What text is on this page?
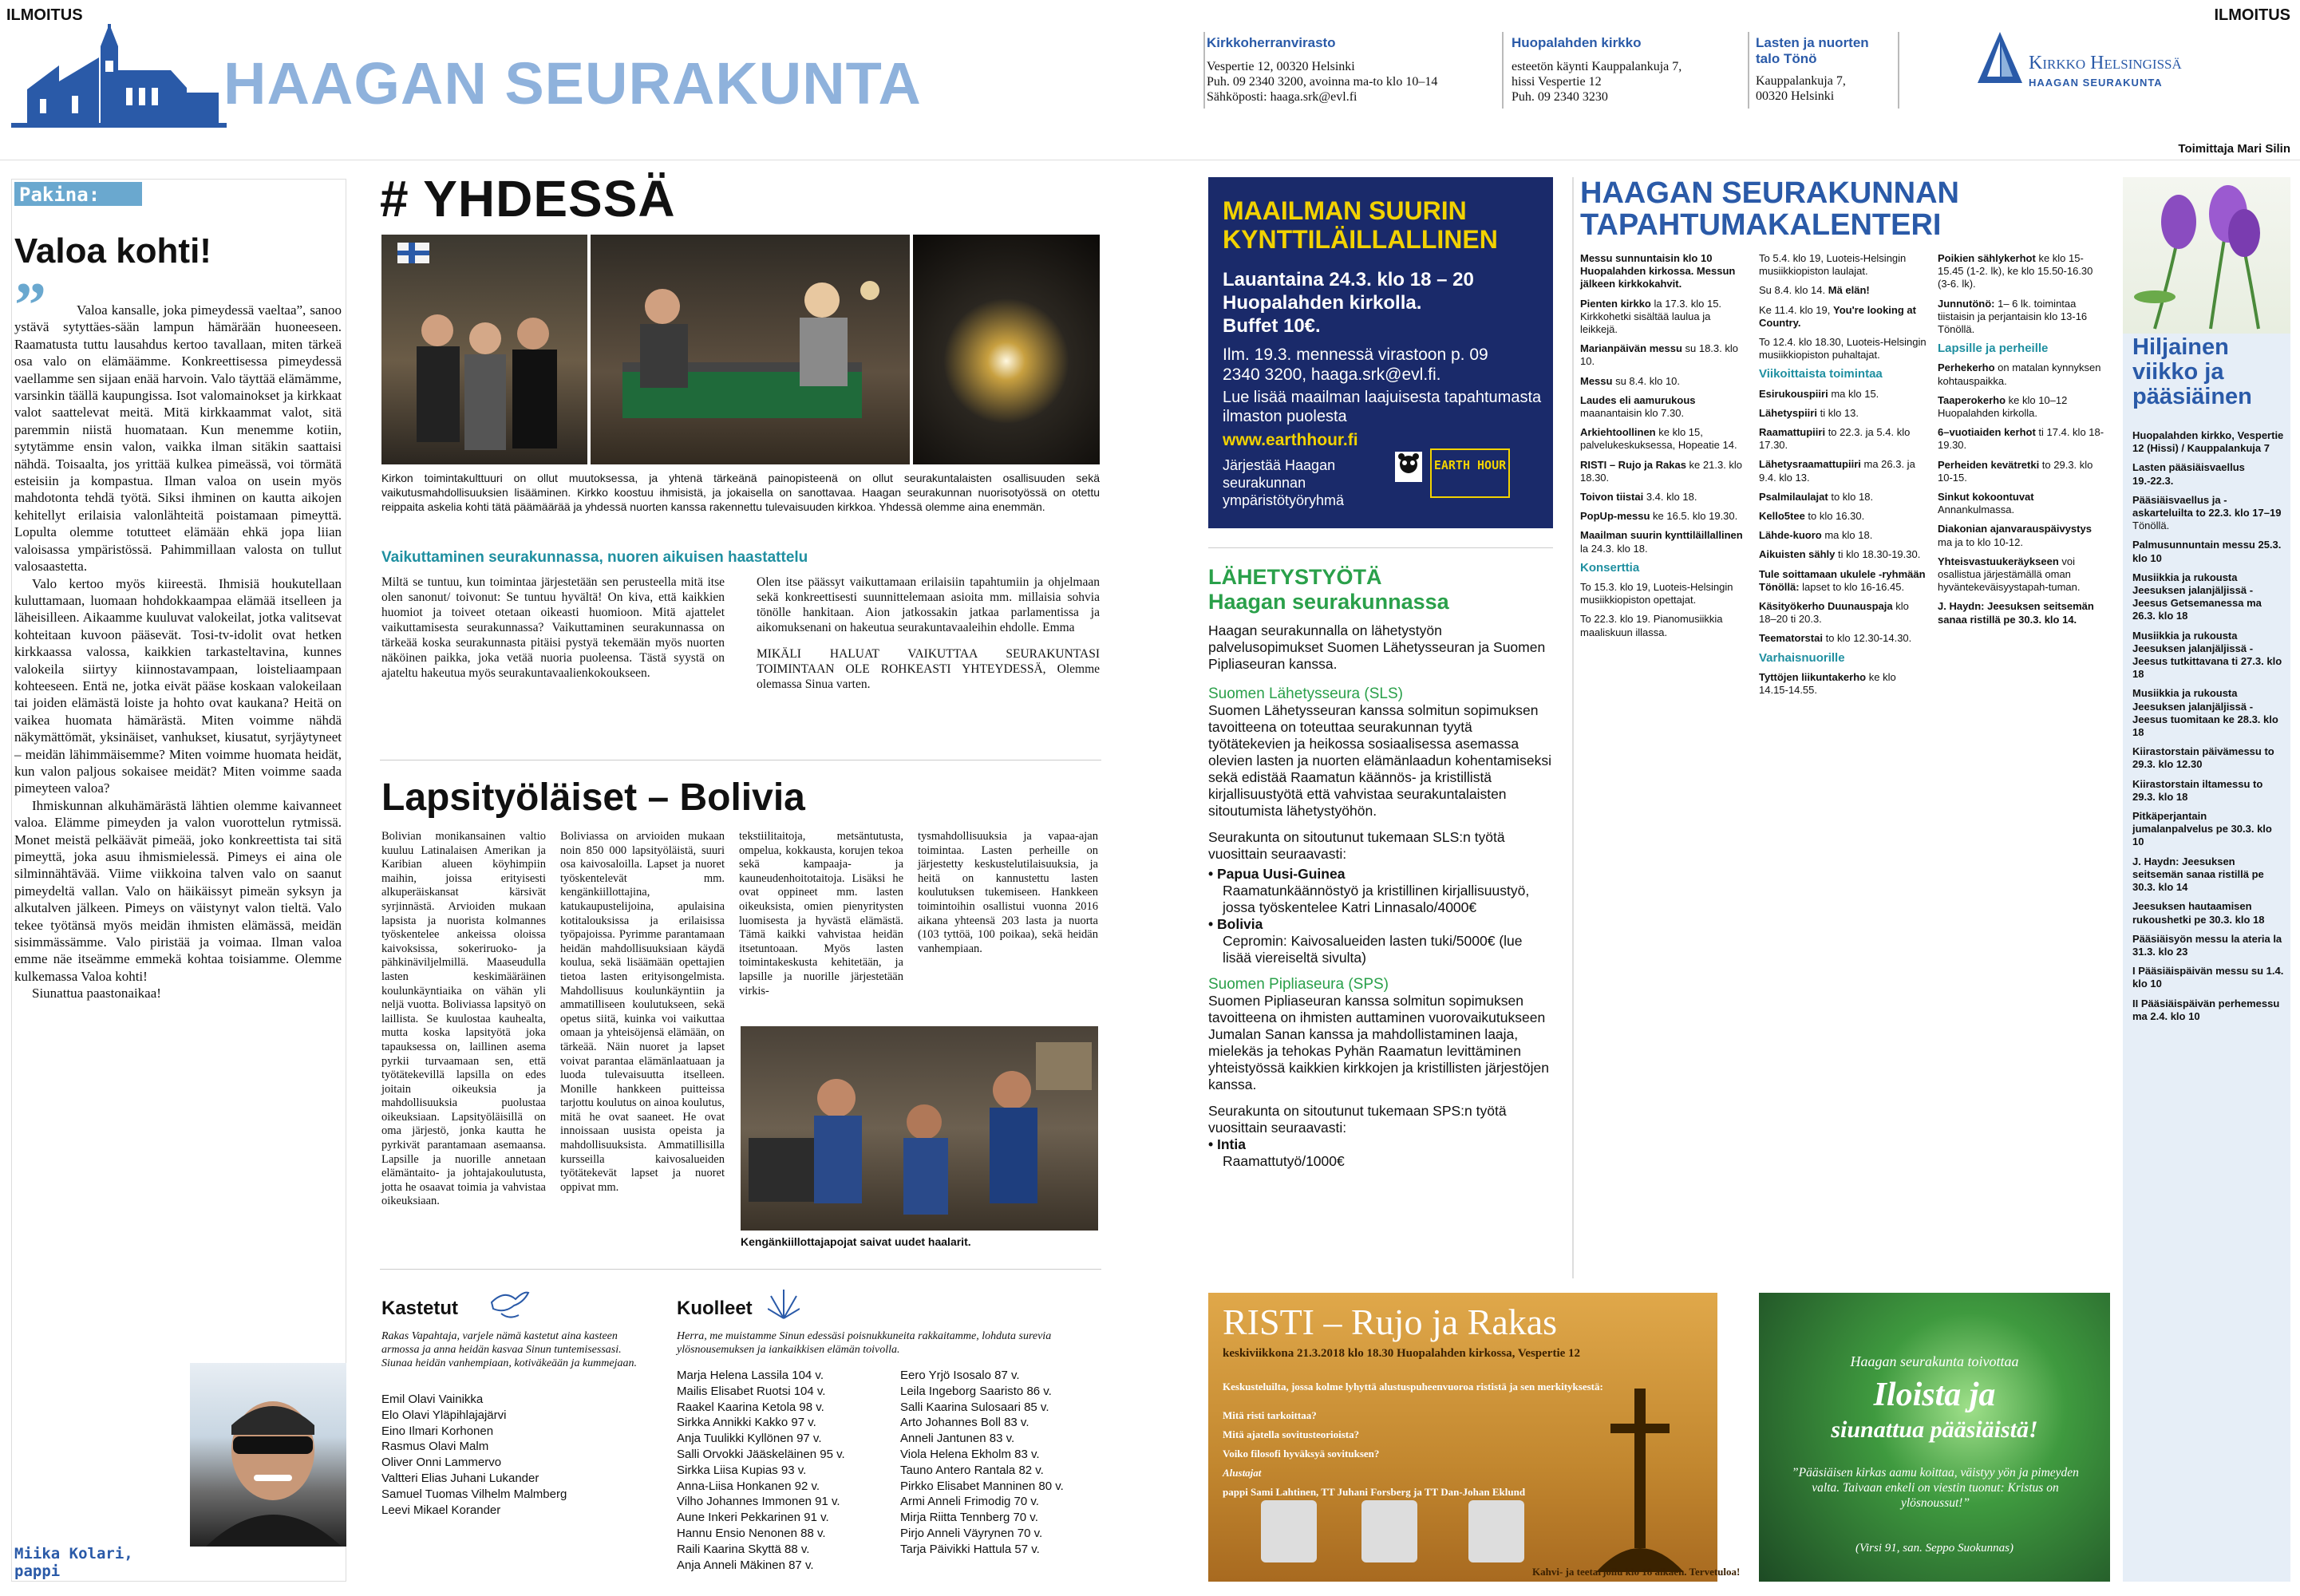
ILMOITUS	ILMOITUS
HAAGAN SEURAKUNTA
Kirkkoherranvirasto
Vespertie 12, 00320 Helsinki
Puh. 09 2340 3200, avoinna ma-to klo 10–14
Sähköposti: haaga.srk@evl.fi
Huopalahden kirkko
esteetön käynti Kauppalankuja 7,
hissi Vespertie 12
Puh. 09 2340 3230
Lasten ja nuorten talo Tönö
Kauppalankuja 7,
00320 Helsinki
Kirkko Helsingissä
HAAGAN SEURAKUNTA
Toimittaja Mari Silin
Pakina:
Valoa kohti!
”	Valoa kansalle, joka pimeydessä vaeltaa”, sanoo ystävä sytyttäes-sään lampun hämärään huoneeseen. Raamatusta tuttu lausahdus kertoo tavallaan, miten tärkeä osa valo on elämäämme. Konkreettisessa pimeydessä vaellamme sen sijaan enää harvoin. Valo täyttää elämämme, varsinkin täällä kaupungissa. Isot valomainokset ja kirkkaat valot saattelevat meitä. Mitä kirkkaammat valot, sitä paremmin niistä huomataan. Kun menemme kotiin, sytytämme ensin valon, vaikka ilman sitäkin saattaisi nähdä. Toisaalta, jos yrittää kulkea pimeässä, voi törmätä esteisiin ja kompastua. Ilman valoa on usein myös mahdotonta tehdä työtä. Siksi ihminen on kautta aikojen kehitellyt erilaisia valonlähteitä poistamaan pimeyttä. Lopulta olemme totutteet elämään ehkä jopa liian valoisassa ympäristössä. Pahimmillaan valosta on tullut valosaastetta.

Valo kertoo myös kiireestä. Ihmisiä houkutellaan kuluttamaan, luomaan hohdokkaampaa elämää itselleen ja läheisilleen. Aikaamme kuuluvat valokeilat, jotka valitsevat kohteitaan kuvoon pääsevät. Tosi-tv-idolit ovat hetken kirkkaassa valossa, kaikkien tarkasteltavina, kunnes valokeila siirtyy kiinnostavampaan, loisteliaampaan kohteeseen. Entä ne, jotka eivät pääse koskaan valokeilaan tai joiden elämästä loiste ja hohto ovat kaukana? Heitä on vaikea huomata hämärästä. Miten voimme nähdä näkymättömät, yksinäiset, vanhukset, kiusatut, syrjäytyneet – meidän lähimmäisemme? Miten voimme huomata heidät, kun valon paljous sokaisee meidät? Miten voimme saada pimeyteen valoa?

Ihmiskunnan alkuhämärästä lähtien olemme kaivanneet valoa. Elämme pimeyden ja valon vuorottelun rytmissä. Monet meistä pelkäävät pimeää, joko konkreettista tai sitä pimeyttä, joka asuu ihmismielessä. Pimeys ei aina ole silminnähtävää. Viime viikkoina talven valo on saanut pimeydeltä vallan. Valo on häikäissyt pimeän syksyn ja alkutalven jälkeen. Pimeys on väistynyt valon tieltä. Valo tekee työtänsä myös meidän ihmisten elämässä, meidän sisimmässämme. Valo piristää ja voimaa. Ilman valoa emme näe itseämme emmekä kohtaa toisiamme. Olemme kulkemassa Valoa kohti!

Siunattua paastonaikaa!

Miika Kolari, pappi
# YHDESSÄ
Kirkon toimintakulttuuri on ollut muutoksessa, ja yhtenä tärkeänä painopisteenä on ollut seurakuntalaisten osallisuuden sekä vaikutusmahdollisuuksien lisääminen. Kirkko koostuu ihmisistä, ja jokaisella on sanottavaa. Haagan seurakunnan nuorisotyössä on otettu reippaita askelia kohti tätä päämäärää ja yhdessä nuorten kanssa rakennettu tulevaisuuden kirkkoa. Yhdessä olemme aina enemmän.
Vaikuttaminen seurakunnassa, nuoren aikuisen haastattelu
Miltä se tuntuu, kun toimintaa järjestetään sen perusteella mitä itse olen sanonut/ toivonut: Se tuntuu hyvältä! On kiva, että kaikkien huomiot ja toiveet otetaan oikeasti huomioon. Mitä ajattelet vaikuttamisesta seurakunnassa? Vaikuttaminen seurakunnassa on tärkeää koska seurakunnasta pitäisi pystyä tekemään myös nuorten näköinen paikka, joka vetää nuoria puoleensa. Tästä syystä on ajateltu hakeutua myös seurakuntavaalienkokoukseen.
Olen itse päässyt vaikuttamaan erilaisiin tapahtumiin ja ohjelmaan sekä konkreettisesti suunnittelemaan asioita mm. millaisia sohvia tönölle hankitaan. Aion jatkossakin jatkaa parlamentissa ja aikomuksenani on hakeutua seurakuntavaaleihin ehdolle. Emma
MIKÄLI HALUAT VAIKUTTAA SEURAKUNTASI TOIMINTAAN OLE ROHKEASTI YHTEYDESSÄ, Olemme olemassa Sinua varten.
Lapsityöläiset – Bolivia
Bolivian monikansainen valtio kuuluu Latinalaisen Amerikan ja Karibian alueen köyhimpiin maihin, joissa erityisesti alkuperäiskansat kärsivät syrjinnästä. Arvioiden mukaan lapsista ja nuorista kolmannes työskentelee ankeissa oloissa kaivoksissa, sokeriruoko- ja pähkinäviljelmillä. Maaseudulla lasten keskimääräinen koulunkäyntiaika on vähän yli neljä vuotta. Boliviassa lapsityö on laillista. Se kuulostaa kauhealta, mutta koska lapsityötä joka tapauksessa on, laillinen asema pyrkii turvaamaan sen, että työtätekevillä lapsilla on edes joitain oikeuksia ja mahdollisuuksia puolustaa oikeuksiaan. Lapsityöläisillä on oma järjestö, jonka kautta he pyrkivät parantamaan asemaansa. Lapsille ja nuorille annetaan elämäntaito- ja johtajakoulutusta, jotta he osaavat toimia ja vahvistaa oikeuksiaan.
Boliviassa on arvioiden mukaan noin 850 000 lapsityöläistä, suuri osa kaivosaloilla. Lapset ja nuoret työskentelevät mm. kengänkiillottajina, katukaupustelijoina, apulaisina kotitalouksissa ja erilaisissa työpajoissa. Pyrimme parantamaan heidän mahdollisuuksiaan käydä koulua, sekä lisäämään opettajien tietoa lasten erityisongelmista. Mahdollisuus koulunkäyntiin ja ammatilliseen koulutukseen, sekä opetus siitä, kuinka voi vaikuttaa omaan ja yhteisöjensä elämään, on tärkeää. Näin nuoret ja lapset voivat parantaa elämänlaatuaan ja luoda tulevaisuutta itselleen. Monille hankkeen puitteissa tarjottu koulutus on ainoa koulutus, mitä he ovat saaneet. He ovat innoissaan uusista opeista ja mahdollisuuksista. Ammatillisilla kursseilla kaivosalueiden työtätekevät lapset ja nuoret oppivat mm.
tekstiilitaitoja, metsäntutusta, ompelua, kokkausta, korujen tekoa sekä kampaaja- ja kauneudenhoitotaitoja. Lisäksi he ovat oppineet mm. lasten oikeuksista, omien pienyritysten luomisesta ja hyvästä elämästä. Tämä kaikki vahvistaa heidän itsetuntoaan. Myös lasten toimintakeskusta kehitetään, ja lapsille ja nuorille järjestetään virkis-
tysmahdollisuuksia ja vapaa-ajan toimintaa. Lasten perheille on järjestetty keskustelutilaisuuksia, ja heitä on kannustettu lasten koulutuksen tukemiseen. Hankkeen toimintoihin osallistui vuonna 2016 aikana yhteensä 203 lasta ja nuorta (103 tyttöä, 100 poikaa), sekä heidän vanhempiaan.
Kengänkiillottajapojat saivat uudet haalarit.
Kastetut
Rakas Vapahtaja, varjele nämä kastetut aina kasteen armossa ja anna heidän kasvaa Sinun tuntemisessasi. Siunaa heidän vanhempiaan, kotiväkeään ja kummejaan.
Emil Olavi Vainikka
Elo Olavi Yläpihlajajärvi
Eino Ilmari Korhonen
Rasmus Olavi Malm
Oliver Onni Lammervo
Valtteri Elias Juhani Lukander
Samuel Tuomas Vilhelm Malmberg
Leevi Mikael Korander
Kuolleet
Herra, me muistamme Sinun edessäsi poisnukkuneita rakkaitamme, lohduta surevia ylösnousemuksen ja iankaikkisen elämän toivolla.
Marja Helena Lassila 104 v.
Mailis Elisabet Ruotsi 104 v.
Raakel Kaarina Ketola 98 v.
Sirkka Annikki Kakko 97 v.
Anja Tuulikki Kyllönen 97 v.
Salli Orvokki Jääskeläinen 95 v.
Sirkka Liisa Kupias 93 v.
Anna-Liisa Honkanen 92 v.
Vilho Johannes Immonen 91 v.
Aune Inkeri Pekkarinen 91 v.
Hannu Ensio Nenonen 88 v.
Raili Kaarina Skyttä 88 v.
Anja Anneli Mäkinen 87 v.
Eero Yrjö Isosalo 87 v.
Leila Ingeborg Saaristo 86 v.
Salli Kaarina Sulosaari 85 v.
Arto Johannes Boll 83 v.
Anneli Jantunen 83 v.
Viola Helena Ekholm 83 v.
Tauno Antero Rantala 82 v.
Pirkko Elisabet Manninen 80 v.
Armi Anneli Frimodig 70 v.
Mirja Riitta Tennberg 70 v.
Pirjo Anneli Väyrynen 70 v.
Tarja Päivikki Hattula 57 v.
MAAILMAN SUURIN
KYNTTILÄILLALLINEN
Lauantaina 24.3. klo 18 – 20
Huopalahden kirkolla.
Buffet 10€.
Ilm. 19.3. mennessä virastoon p. 09 2340 3200, haaga.srk@evl.fi.
Lue lisää maailman laajuisesta tapahtumasta ilmaston puolesta
www.earthhour.fi
Järjestää Haagan seurakunnan ympäristötyöryhmä
EARTH HOUR
LÄHETYSTYÖTÄ
Haagan seurakunnassa
Haagan seurakunnalla on lähetystyön palvelusopimukset Suomen Lähetysseuran ja Suomen Pipliaseuran kanssa.
Suomen Lähetysseura (SLS)
Suomen Lähetysseuran kanssa solmitun sopimuksen tavoitteena on toteuttaa seurakunnan tyytä työtätekevien ja heikossa sosiaalisessa asemassa olevien lasten ja nuorten elämänlaadun kohentamiseksi sekä edistää Raamatun käännös- ja kristillistä kirjallisuustyötä että vahvistaa seurakuntalaisten sitoutumista lähetystyöhön.
Seurakunta on sitoutunut tukemaan SLS:n työtä vuosittain seuraavasti:
• Papua Uusi-Guinea
Raamatunkäännöstyö ja kristillinen kirjallisuustyö, jossa työskentelee Katri Linnasalo/4000€
• Bolivia
Cepromin: Kaivosalueiden lasten tuki/5000€ (lue lisää viereiseltä sivulta)
Suomen Pipliaseura (SPS)
Suomen Pipliaseuran kanssa solmitun sopimuksen tavoitteena on ihmisten auttaminen vuorovaikutukseen Jumalan Sanan kanssa ja mahdollistaminen laaja, mielekäs ja tehokas Pyhän Raamatun levittäminen yhteistyössä kaikkien kirkkojen ja kristillisten järjestöjen kanssa.
Seurakunta on sitoutunut tukemaan SPS:n työtä vuosittain seuraavasti:
• Intia
Raamattutyö/1000€
RISTI – Rujo ja Rakas
keskiviikkona 21.3.2018 klo 18.30 Huopalahden kirkossa, Vespertie 12
Keskusteluilta, jossa kolme lyhyttä alustuspuheenvuoroa rististä ja sen merkityksestä:
Mitä risti tarkoittaa?
Mitä ajatella sovitusteorioista?
Voiko filosofi hyväksyä sovituksen?
Alustajat
pappi Sami Lahtinen, TT Juhani Forsberg ja TT Dan-Johan Eklund
Kahvi- ja teetarjoilu klo 18 alkaen. Tervetuloa!
Haagan seurakunta toivottaa
Iloista ja
siunattua pääsiäistä!
”Pääsiäisen kirkas aamu koittaa, väistyy yön ja pimeyden valta. Taivaan enkeli on viestin tuonut: Kristus on ylösnoussut!”
(Virsi 91, san. Seppo Suokunnas)
HAAGAN SEURAKUNNAN
TAPAHTUMAKALENTERI

Messu sunnuntaisin klo 10 Huopalahden kirkossa. Messun jälkeen kirkkokahvit.

Pienten kirkko la 17.3. klo 15. Kirkkohetki sisältää laulua ja leikkejä.

Marianpäivän messu su 18.3. klo 10.

Messu su 8.4. klo 10.

Laudes eli aamurukous maanantaisin klo 7.30.

Arkiehtoollinen ke klo 15, palvelukeskuksessa, Hopeatie 14.

RISTI – Rujo ja Rakas ke 21.3. klo 18.30.

Toivon tiistai 3.4. klo 18.

PopUp-messu ke 16.5. klo 19.30.

Maailman suurin kynttiläillallinen la 24.3. klo 18.

Konserttia

To 15.3. klo 19, Luoteis-Helsingin musiikkiopiston opettajat.

To 22.3. klo 19. Pianomusiikkia maaliskuun illassa.

To 5.4. klo 19, Luoteis-Helsingin musiikkiopiston laulajat.

Su 8.4. klo 14. Mä elän!

Ke 11.4. klo 19, You're looking at Country.

To 12.4. klo 18.30, Luoteis-Helsingin musiikkiopiston puhaltajat.

Viikoittaista toimintaa

Esirukouspiiri ma klo 15.

Lähetyspiiri ti klo 13.

Raamattupiiri to 22.3. ja 5.4. klo 17.30.

Lähetysraamattupiiri ma 26.3. ja 9.4. klo 13.

Psalmilaulajat to klo 18.

Kello5tee to klo 16.30.

Lähde-kuoro ma klo 18.

Aikuisten sähly ti klo 18.30-19.30.

Tule soittamaan ukulele -ryhmään Tönöllä: lapset to klo 16-16.45.

Käsityökerho Duunauspaja klo 18–20 ti 20.3.

Teematorstai to klo 12.30-14.30.

Varhaisnuorille

Tyttöjen liikuntakerho ke klo 14.15-14.55.

Poikien sählykerhot ke klo 15-15.45 (1-2. lk), ke klo 15.50-16.30 (3-6. lk).

Junnutönö: 1– 6 lk. toimintaa tiistaisin ja perjantaisin klo 13-16 Tönöllä.

Lapsille ja perheille

Perhekerho on matalan kynnyksen kohtauspaikka.

Taaperokerho ke klo 10–12 Huopalahden kirkolla.

6–vuotiaiden kerhot ti 17.4. klo 18-19.30.

Perheiden kevätretki to 29.3. klo 10-15.

Sinkut kokoontuvat Annankulmassa.

Diakonian ajanvarauspäivystys ma ja to klo 10-12.

Yhteisvastuukeräykseen voi osallistua järjestämällä oman hyväntekeväisyystapah-tuman.

J. Haydn: Jeesuksen seitsemän sanaa ristillä pe 30.3. klo 14.

Hiljainen viikko ja pääsiäinen

Huopalahden kirkko, Vespertie 12 (Hissi) / Kauppalankuja 7

Lasten pääsiäisvaellus 19.-22.3.

Pääsiäisvaellus ja -askarteluilta to 22.3. klo 17–19 Tönöllä.

Palmusunnuntain messu 25.3. klo 10

Musiikkia ja rukousta Jeesuksen jalanjäljissä - Jeesus Getsemanessa ma 26.3. klo 18

Musiikkia ja rukousta Jeesuksen jalanjäljissä - Jeesus tutkittavana ti 27.3. klo 18

Musiikkia ja rukousta Jeesuksen jalanjäljissä - Jeesus tuomitaan ke 28.3. klo 18

Kiirastorstain päivämessu to 29.3. klo 12.30

Kiirastorstain iltamessu to 29.3. klo 18

Pitkäperjantain jumalanpalvelus pe 30.3. klo 10

J. Haydn: Jeesuksen seitsemän sanaa ristillä pe 30.3. klo 14

Jeesuksen hautaamisen rukoushetki pe 30.3. klo 18

Pääsiäisyön messu la ateria la 31.3. klo 23

I Pääsiäispäivän messu su 1.4. klo 10

II Pääsiäispäivän perhemessu ma 2.4. klo 10
